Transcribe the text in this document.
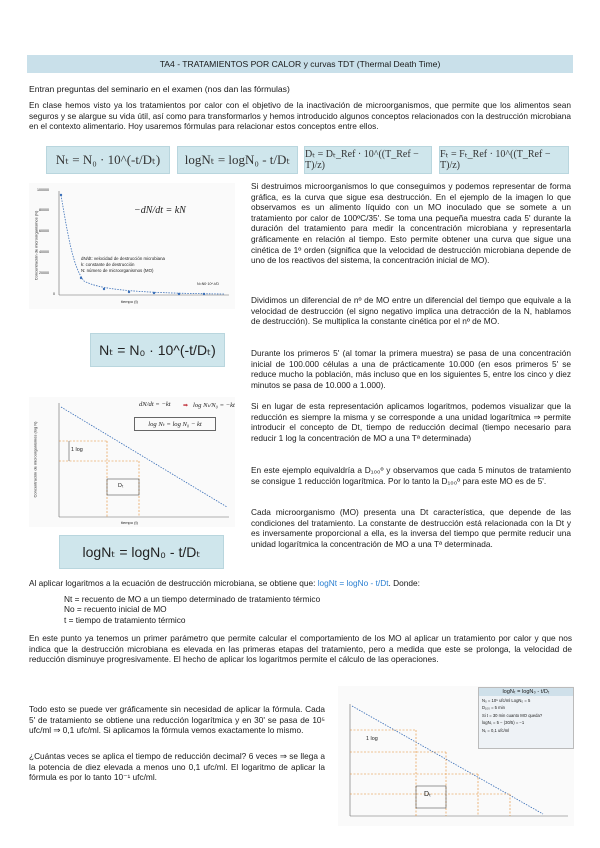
TA4 - TRATAMIENTOS POR CALOR y curvas TDT (Thermal Death Time)

Entran preguntas del seminario en el examen (nos dan las fórmulas)

En clase hemos visto ya los tratamientos por calor con el objetivo de la inactivación de microorganismos, que permite que los alimentos sean seguros y se alargue su vida útil, así como para transformarlos y hemos introducido algunos conceptos relacionados con la destrucción microbiana en el contexto alimentario. Hoy usaremos fórmulas para relacionar estos conceptos entre ellos.

Nₜ = N₀ · 10^(-t/Dₜ) logNₜ = logN₀ - t/Dₜ Dₜ = Dₜ_Ref · 10^((T_Ref − T)/z)
Fₜ = Fₜ_Ref · 10^((T_Ref − T)/z)
100000
80000
60000
40000
20000
0
Concentración de microorganismos (N)
tiempo (t)
−dN/dt = kN
dN/dt: velocidad de destrucción microbiana
k: constante de destrucción
N: número de microorganismos (MO)
N=N0·10^-t/D
Nₜ = N₀ · 10^(-t/Dₜ)
1 log
Dₜ
Concentración de microorganismos (log N)
tiempo (t)
dN/dt = −kt ➡ log Nₜ/N₀ = −kt
log Nₜ = log N₀ − kt
logNₜ = logN₀ - t/Dₜ

Si destruimos microorganismos lo que conseguimos y podemos representar de forma gráfica, es la curva que sigue esa destrucción. En el ejemplo de la imagen lo que observamos es un alimento líquido con un MO inoculado que se somete a un tratamiento por calor de 100ºC/35'. Se toma una pequeña muestra cada 5' durante la duración del tratamiento para medir la concentración microbiana y representarla gráficamente en relación al tiempo. Esto permite obtener una curva que sigue una cinética de 1º orden (significa que la velocidad de destrucción microbiana depende de uno de los reactivos del sistema, la concentración inicial de MO).

Dividimos un diferencial de nº de MO entre un diferencial del tiempo que equivale a la velocidad de destrucción (el signo negativo implica una detracción de la N, hablamos de destrucción). Se multiplica la constante cinética por el nº de MO.

Durante los primeros 5' (al tomar la primera muestra) se pasa de una concentración inicial de 100.000 células a una de prácticamente 10.000 (en esos primeros 5' se reduce mucho la población, más incluso que en los siguientes 5, entre los cinco y diez minutos se pasa de 10.000 a 1.000).

Si en lugar de esta representación aplicamos logaritmos, podemos visualizar que la reducción es siempre la misma y se corresponde a una unidad logarítmica ⇒ permite introducir el concepto de Dt, tiempo de reducción decimal (tiempo necesario para reducir 1 log la concentración de MO a una Tª determinada)

En este ejemplo equivaldría a D₁₀₀º y observamos que cada 5 minutos de tratamiento se consigue 1 reducción logarítmica. Por lo tanto la D₁₀₀º para este MO es de 5'.

Cada microorganismo (MO) presenta una Dt característica, que depende de las condiciones del tratamiento. La constante de destrucción está relacionada con la Dt y es inversamente proporcional a ella, es la inversa del tiempo que permite reducir una unidad logarítmica la concentración de MO a una Tª determinada.

Al aplicar logaritmos a la ecuación de destrucción microbiana, se obtiene que: logNt = logNo - t/Dt. Donde:

Nt = recuento de MO a un tiempo determinado de tratamiento térmico
No = recuento inicial de MO
t = tiempo de tratamiento térmico

En este punto ya tenemos un primer parámetro que permite calcular el comportamiento de los MO al aplicar un tratamiento por calor y que nos indica que la destrucción microbiana es elevada en las primeras etapas del tratamiento, pero a medida que este se prolonga, la velocidad de reducción disminuye progresivamente. El hecho de aplicar los logaritmos permite el cálculo de las operaciones.

Todo esto se puede ver gráficamente sin necesidad de aplicar la fórmula. Cada 5' de tratamiento se obtiene una reducción logarítmica y en 30' se pasa de 10⁵ ufc/ml ⇒ 0,1 ufc/ml. Si aplicamos la fórmula vemos exactamente lo mismo.

¿Cuántas veces se aplica el tiempo de reducción decimal? 6 veces ⇒ se llega a la potencia de diez elevada a menos uno 0,1 ufc/ml. El logaritmo de aplicar la fórmula es por lo tanto 10⁻¹ ufc/ml.

logNₜ = logN₀ - t/Dₜ
N₀ = 10⁵ ufc/ml LogN₀ = 5
D₁₀₀ = 5 min
Si t = 30 min cuanto MO queda?
logNₜ = 5 − (30/5) = −1
Nₜ = 0,1 ufc/ml
1 log
Dₜ
